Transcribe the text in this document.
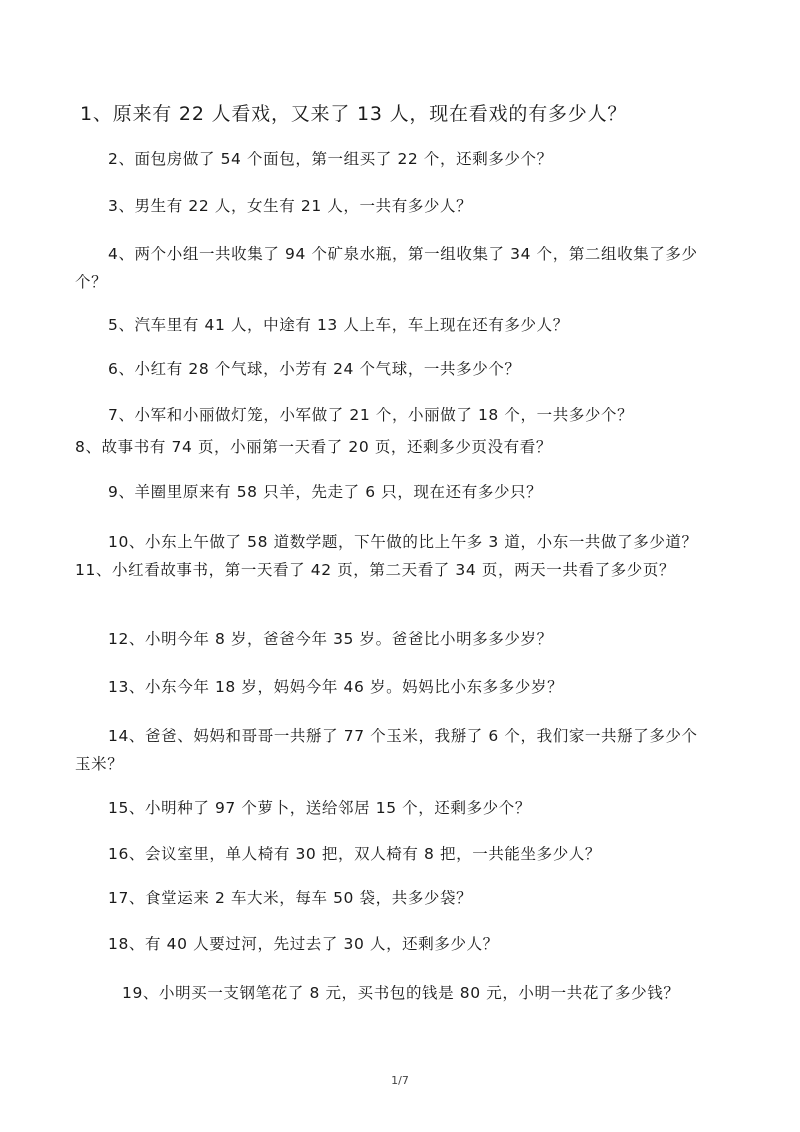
1、原来有 22 人看戏，又来了 13 人，现在看戏的有多少人？

2、面包房做了 54 个面包，第一组买了 22 个，还剩多少个？

3、男生有 22 人，女生有 21 人，一共有多少人？

4、两个小组一共收集了 94 个矿泉水瓶，第一组收集了 34 个，第二组收集了多少个？

5、汽车里有 41 人，中途有 13 人上车，车上现在还有多少人？

6、小红有 28 个气球，小芳有 24 个气球，一共多少个？

7、小军和小丽做灯笼，小军做了 21 个，小丽做了 18 个，一共多少个？

8、故事书有 74 页，小丽第一天看了 20 页，还剩多少页没有看？

9、羊圈里原来有 58 只羊，先走了 6 只，现在还有多少只？

10、小东上午做了 58 道数学题，下午做的比上午多 3 道，小东一共做了多少道？11、小红看故事书，第一天看了 42 页，第二天看了 34 页，两天一共看了多少页？

12、小明今年 8 岁，爸爸今年 35 岁。爸爸比小明多多少岁？

13、小东今年 18 岁，妈妈今年 46 岁。妈妈比小东多多少岁？

14、爸爸、妈妈和哥哥一共掰了 77 个玉米，我掰了 6 个，我们家一共掰了多少个玉米？

15、小明种了 97 个萝卜，送给邻居 15 个，还剩多少个？

16、会议室里，单人椅有 30 把，双人椅有 8 把，一共能坐多少人？

17、食堂运来 2 车大米，每车 50 袋，共多少袋？

18、有 40 人要过河，先过去了 30 人，还剩多少人？

19、小明买一支钢笔花了 8 元，买书包的钱是 80 元，小明一共花了多少钱？

1/7
